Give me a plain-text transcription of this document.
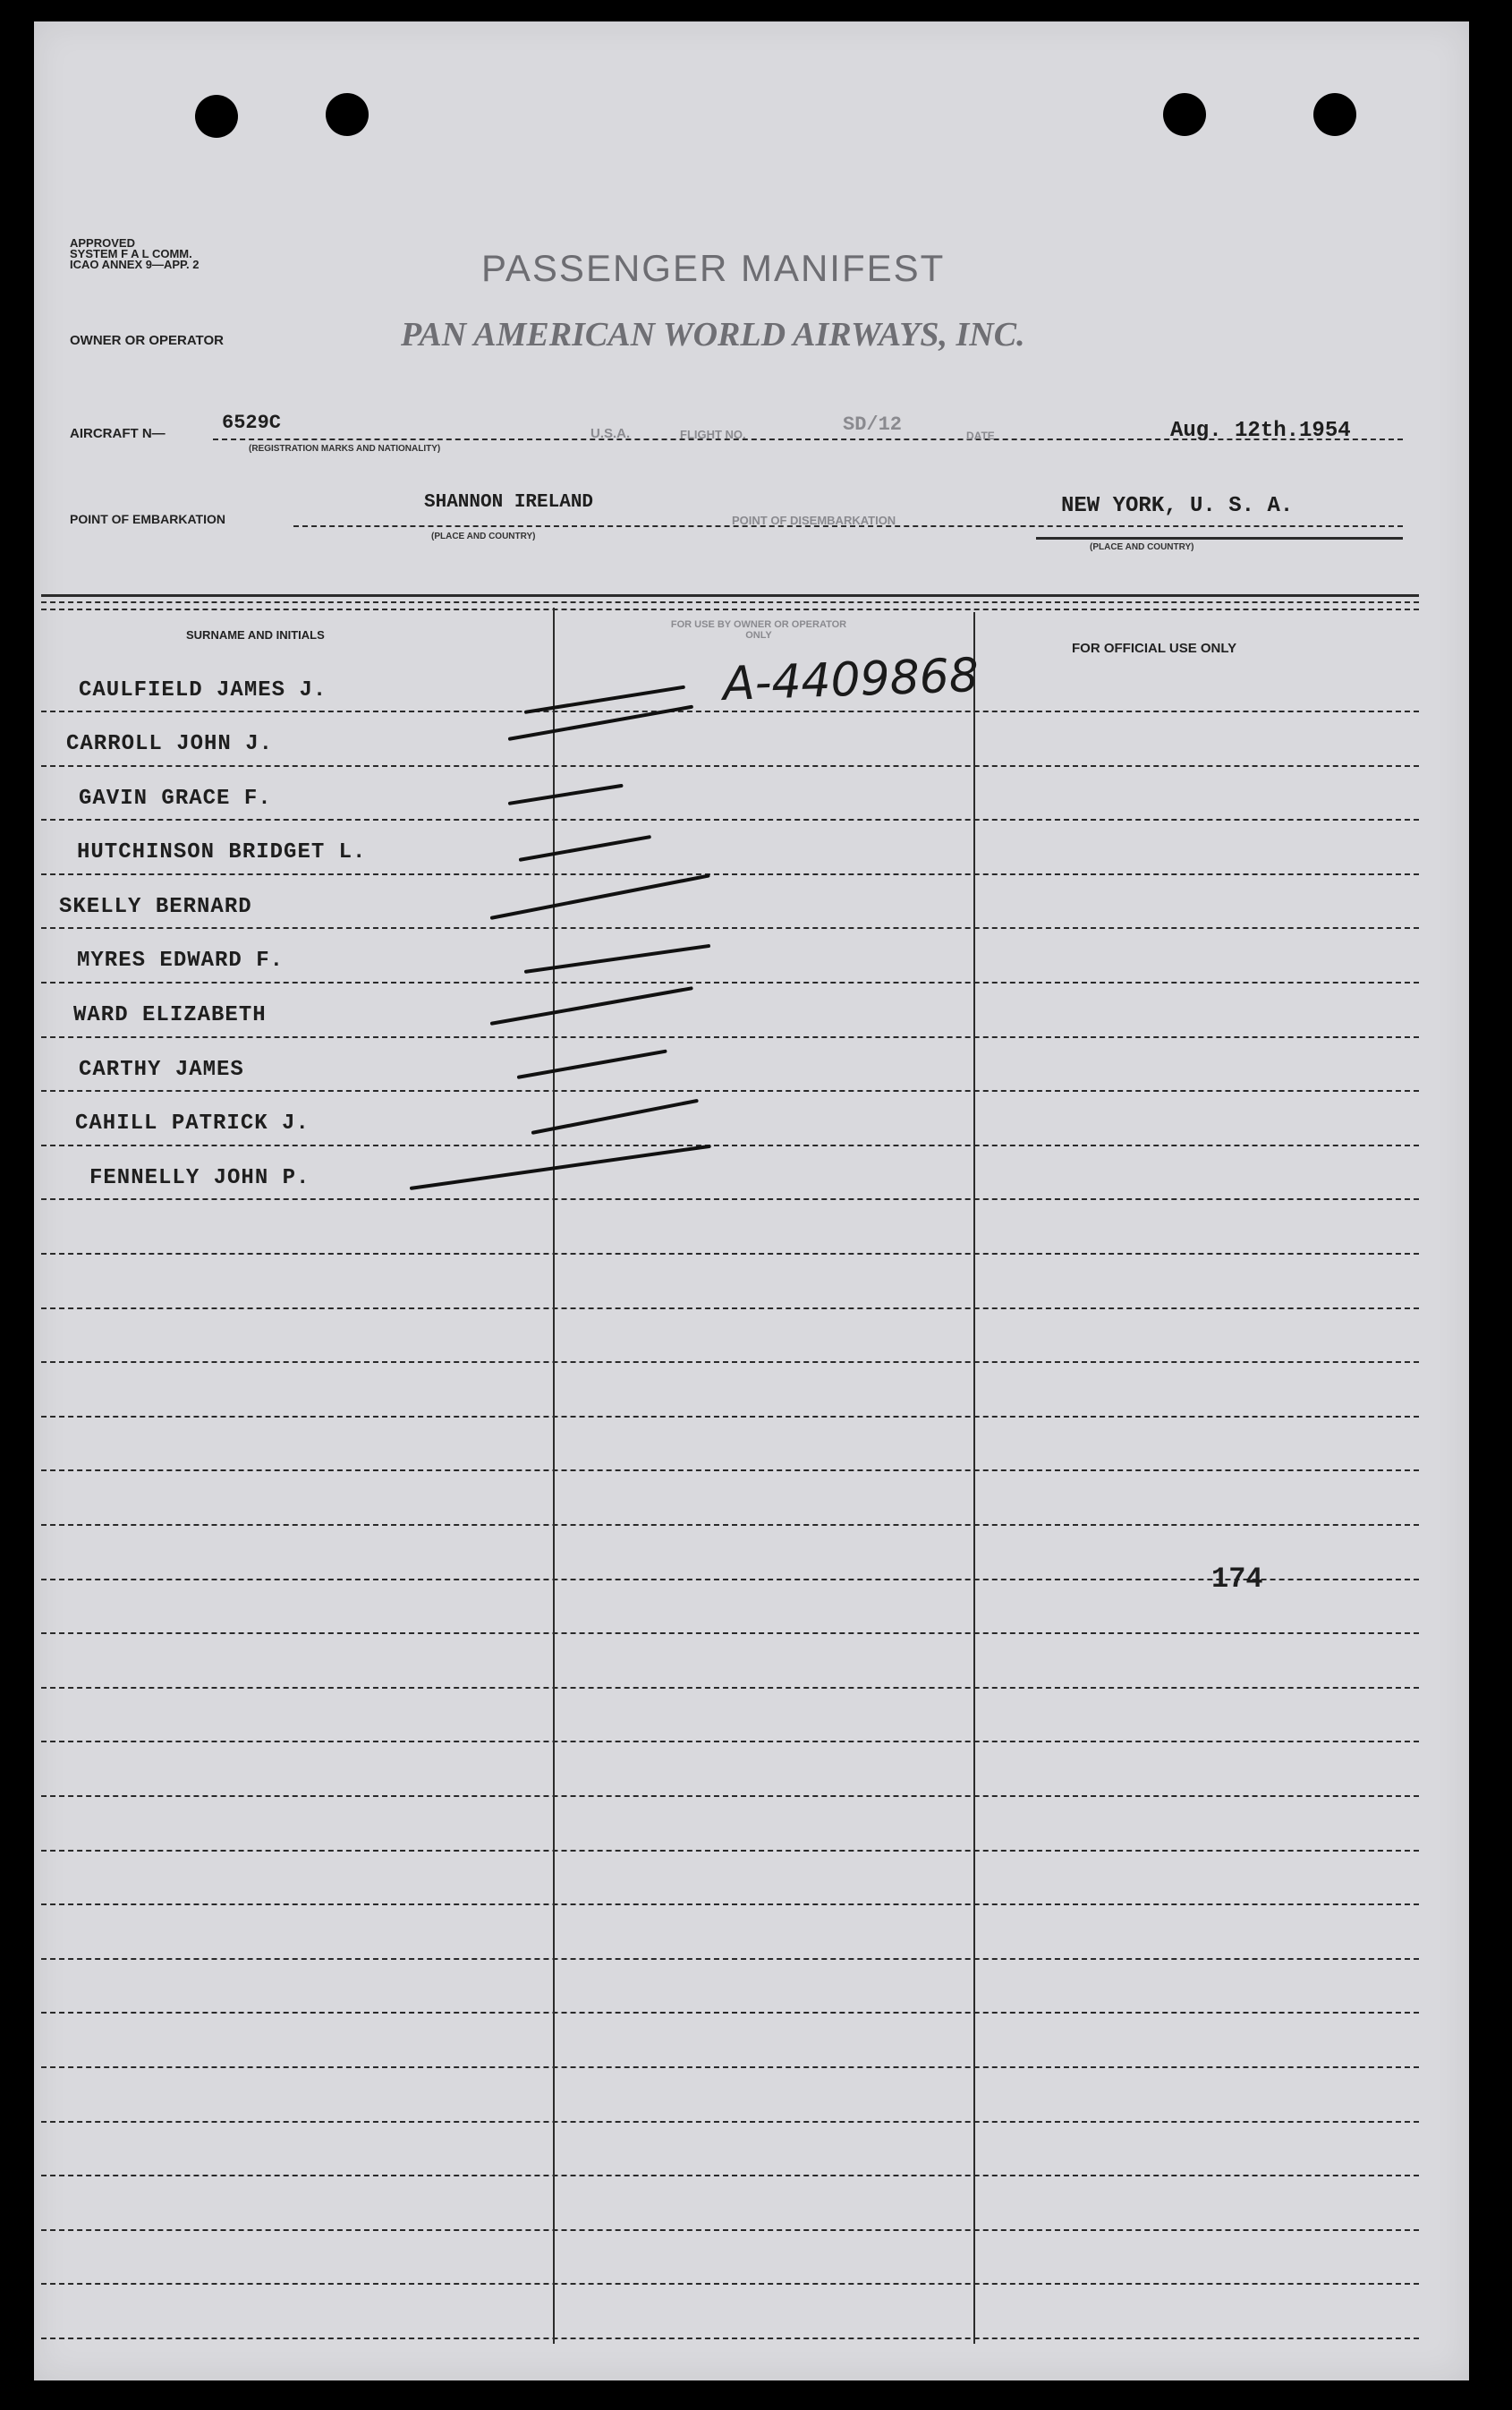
APPROVED
SYSTEM F A L COMM.
ICAO ANNEX 9—APP. 2	PASSENGER MANIFEST
OWNER OR OPERATOR	PAN AMERICAN WORLD AIRWAYS, INC.
AIRCRAFT N—	6529C
(REGISTRATION MARKS AND NATIONALITY)
U.S.A.	FLIGHT NO.	SD/12	DATE	Aug. 12th.1954
POINT OF EMBARKATION
SHANNON IRELAND
(PLACE AND COUNTRY)
POINT OF DISEMBARKATION
NEW YORK, U. S. A.
(PLACE AND COUNTRY)
SURNAME AND INITIALS
FOR USE BY OWNER OR OPERATOR ONLY
FOR OFFICIAL USE ONLY
CAULFIELD JAMES J.
CARROLL JOHN J.
GAVIN GRACE F.
HUTCHINSON BRIDGET L.
SKELLY BERNARD
MYRES EDWARD F.
WARD ELIZABETH
CARTHY JAMES
CAHILL PATRICK J.
FENNELLY JOHN P.
A-4409868
174
